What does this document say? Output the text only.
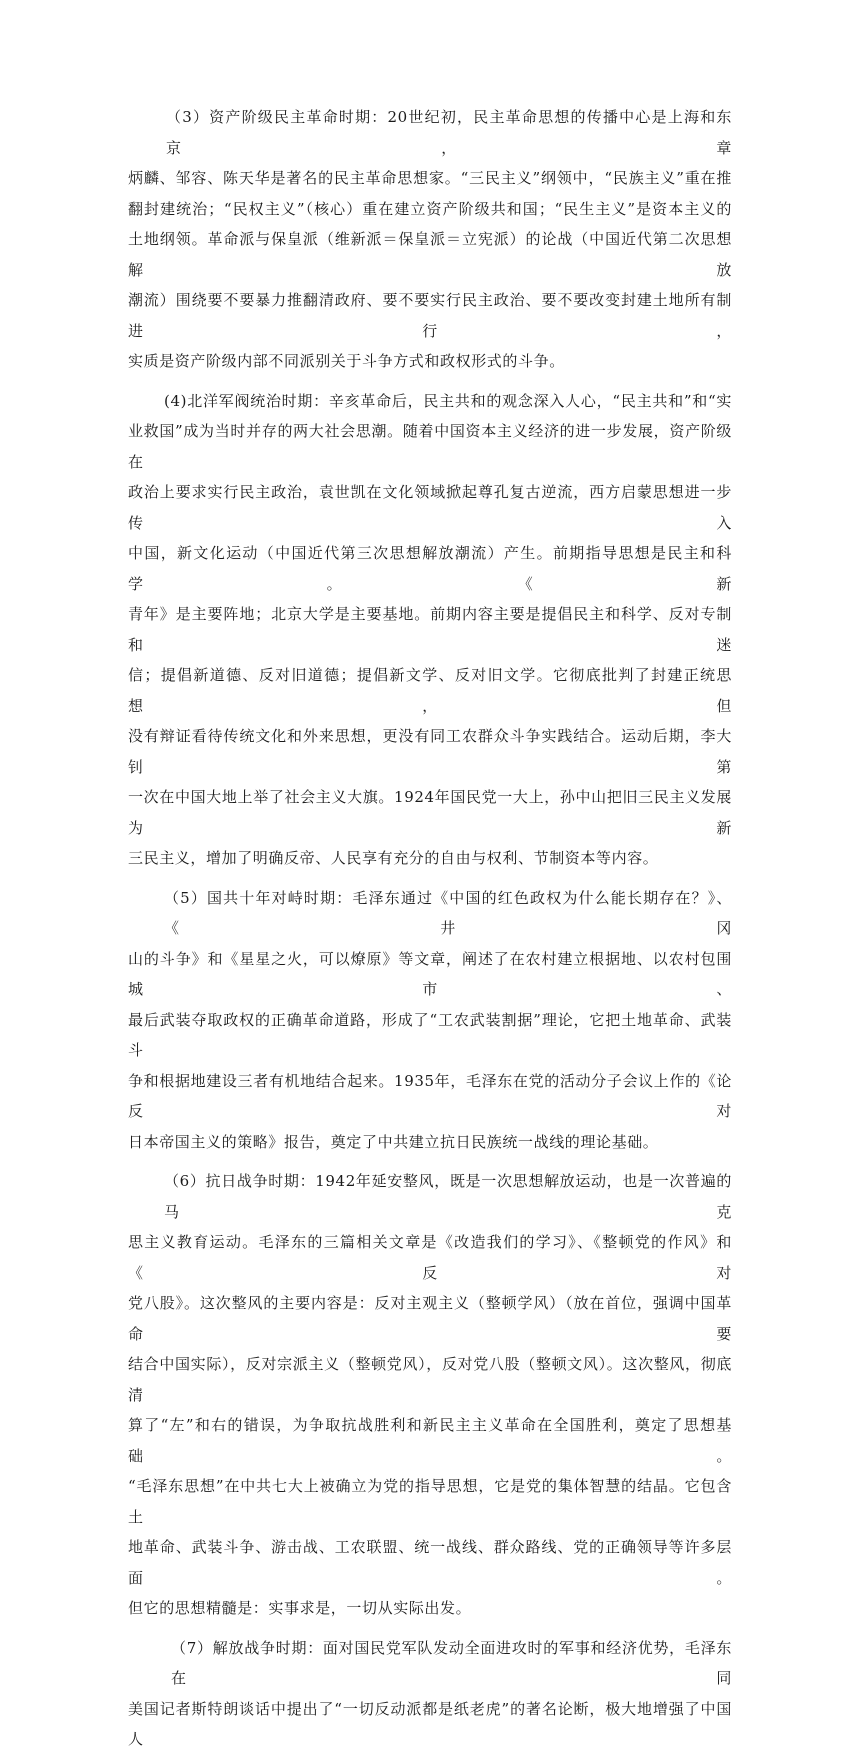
（3）资产阶级民主革命时期：20世纪初，民主革命思想的传播中心是上海和东京，章
炳麟、邹容、陈天华是著名的民主革命思想家。“三民主义”纲领中，“民族主义”重在推
翻封建统治；“民权主义”（核心）重在建立资产阶级共和国；“民生主义”是资本主义的
土地纲领。革命派与保皇派（维新派＝保皇派＝立宪派）的论战（中国近代第二次思想解放
潮流）围绕要不要暴力推翻清政府、要不要实行民主政治、要不要改变封建土地所有制进行，
实质是资产阶级内部不同派别关于斗争方式和政权形式的斗争。

(4)北洋军阀统治时期：辛亥革命后，民主共和的观念深入人心，“民主共和”和“实
业救国”成为当时并存的两大社会思潮。随着中国资本主义经济的进一步发展，资产阶级在
政治上要求实行民主政治，袁世凯在文化领域掀起尊孔复古逆流，西方启蒙思想进一步传入
中国，新文化运动（中国近代第三次思想解放潮流）产生。前期指导思想是民主和科学。《新
青年》是主要阵地；北京大学是主要基地。前期内容主要是提倡民主和科学、反对专制和迷
信；提倡新道德、反对旧道德；提倡新文学、反对旧文学。它彻底批判了封建正统思想，但
没有辩证看待传统文化和外来思想，更没有同工农群众斗争实践结合。运动后期，李大钊第
一次在中国大地上举了社会主义大旗。1924年国民党一大上，孙中山把旧三民主义发展为新
三民主义，增加了明确反帝、人民享有充分的自由与权利、节制资本等内容。

（5）国共十年对峙时期：毛泽东通过《中国的红色政权为什么能长期存在？》、《井冈
山的斗争》和《星星之火，可以燎原》等文章，阐述了在农村建立根据地、以农村包围城市、
最后武装夺取政权的正确革命道路，形成了“工农武装割据”理论，它把土地革命、武装斗
争和根据地建设三者有机地结合起来。1935年，毛泽东在党的活动分子会议上作的《论反对
日本帝国主义的策略》报告，奠定了中共建立抗日民族统一战线的理论基础。

（6）抗日战争时期：1942年延安整风，既是一次思想解放运动，也是一次普遍的马克
思主义教育运动。毛泽东的三篇相关文章是《改造我们的学习》、《整顿党的作风》和《反对
党八股》。这次整风的主要内容是：反对主观主义（整顿学风）（放在首位，强调中国革命要
结合中国实际），反对宗派主义（整顿党风），反对党八股（整顿文风）。这次整风，彻底清
算了“左”和右的错误，为争取抗战胜利和新民主主义革命在全国胜利，奠定了思想基础。
“毛泽东思想”在中共七大上被确立为党的指导思想，它是党的集体智慧的结晶。它包含土
地革命、武装斗争、游击战、工农联盟、统一战线、群众路线、党的正确领导等许多层面。
但它的思想精髓是：实事求是，一切从实际出发。

（7）解放战争时期：面对国民党军队发动全面进攻时的军事和经济优势，毛泽东在同
美国记者斯特朗谈话中提出了“一切反动派都是纸老虎”的著名论断，极大地增强了中国人
